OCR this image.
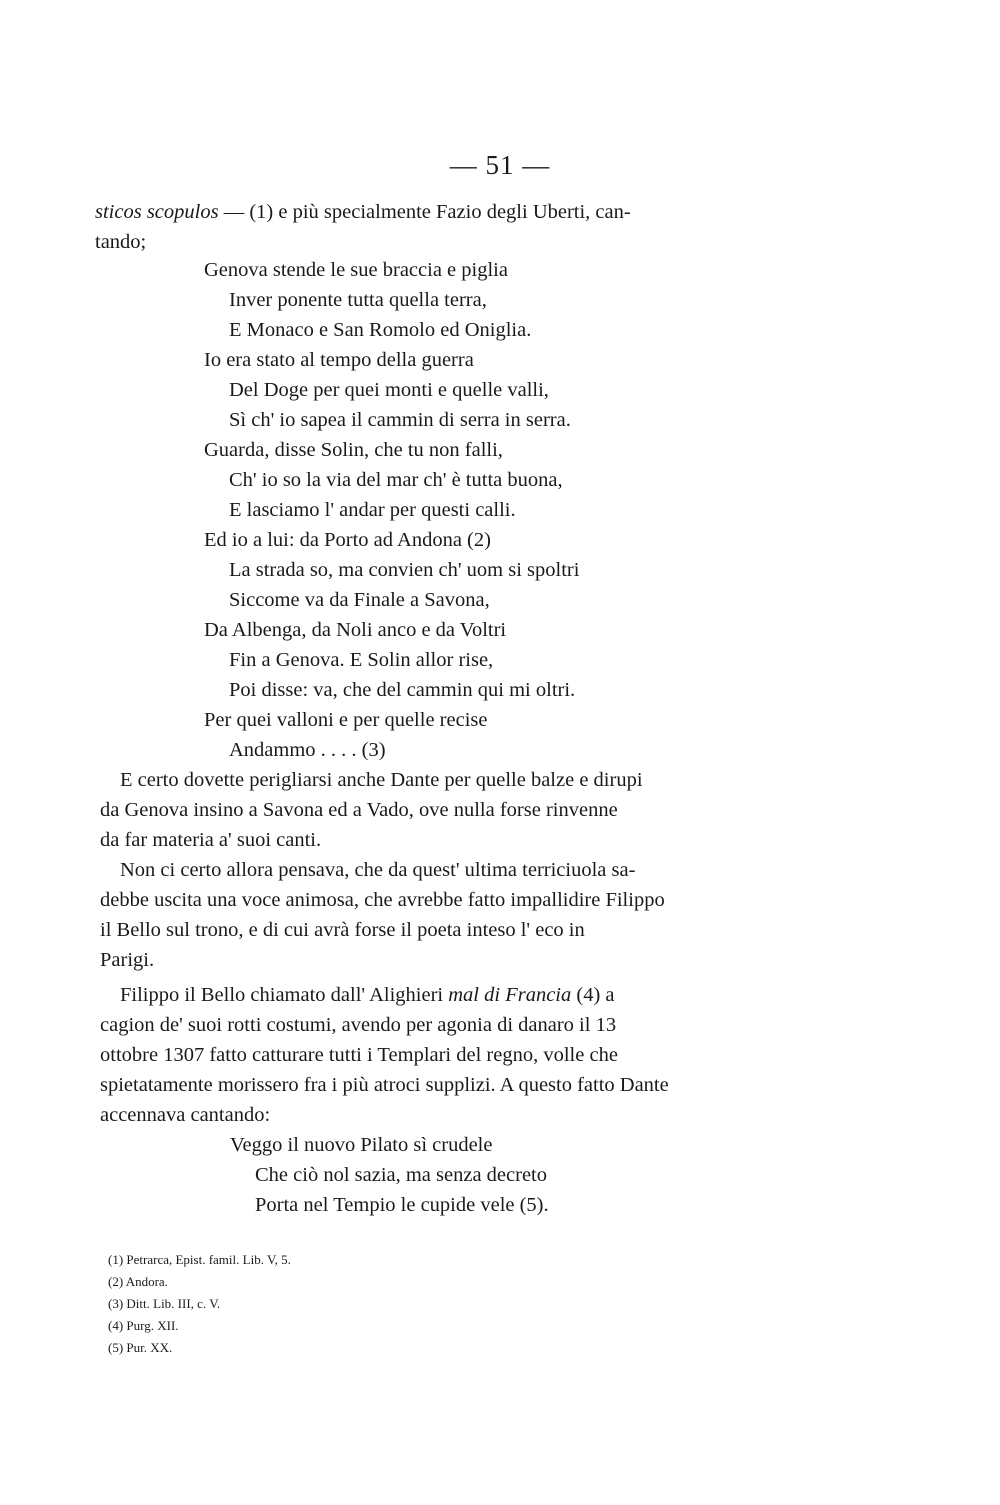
— 51 —
sticos scopulos — (1) e più specialmente Fazio degli Uberti, can-
tando;
Genova stende le sue braccia e piglia
Inver ponente tutta quella terra,
E Monaco e San Romolo ed Oniglia.
Io era stato al tempo della guerra
Del Doge per quei monti e quelle valli,
Sì ch' io sapea il cammin di serra in serra.
Guarda, disse Solin, che tu non falli,
Ch' io so la via del mar ch' è tutta buona,
E lasciamo l' andar per questi calli.
Ed io a lui: da Porto ad Andona (2)
La strada so, ma convien ch' uom si spoltri
Siccome va da Finale a Savona,
Da Albenga, da Noli anco e da Voltri
Fin a Genova. E Solin allor rise,
Poi disse: va, che del cammin qui mi oltri.
Per quei valloni e per quelle recise
Andammo . . . . (3)
E certo dovette perigliarsi anche Dante per quelle balze e dirupi
da Genova insino a Savona ed a Vado, ove nulla forse rinvenne
da far materia a' suoi canti.
Non ci certo allora pensava, che da quest' ultima terriciuola sa-
debbe uscita una voce animosa, che avrebbe fatto impallidire Filippo
il Bello sul trono, e di cui avrà forse il poeta inteso l' eco in
Parigi.
Filippo il Bello chiamato dall' Alighieri mal di Francia (4) a
cagion de' suoi rotti costumi, avendo per agonia di danaro il 13
ottobre 1307 fatto catturare tutti i Templari del regno, volle che
spietatamente morissero fra i più atroci supplizi. A questo fatto Dante
accennava cantando:
Veggo il nuovo Pilato sì crudele
Che ciò nol sazia, ma senza decreto
Porta nel Tempio le cupide vele (5).
(1) Petrarca, Epist. famil. Lib. V, 5.
(2) Andora.
(3) Ditt. Lib. III, c. V.
(4) Purg. XII.
(5) Pur. XX.
